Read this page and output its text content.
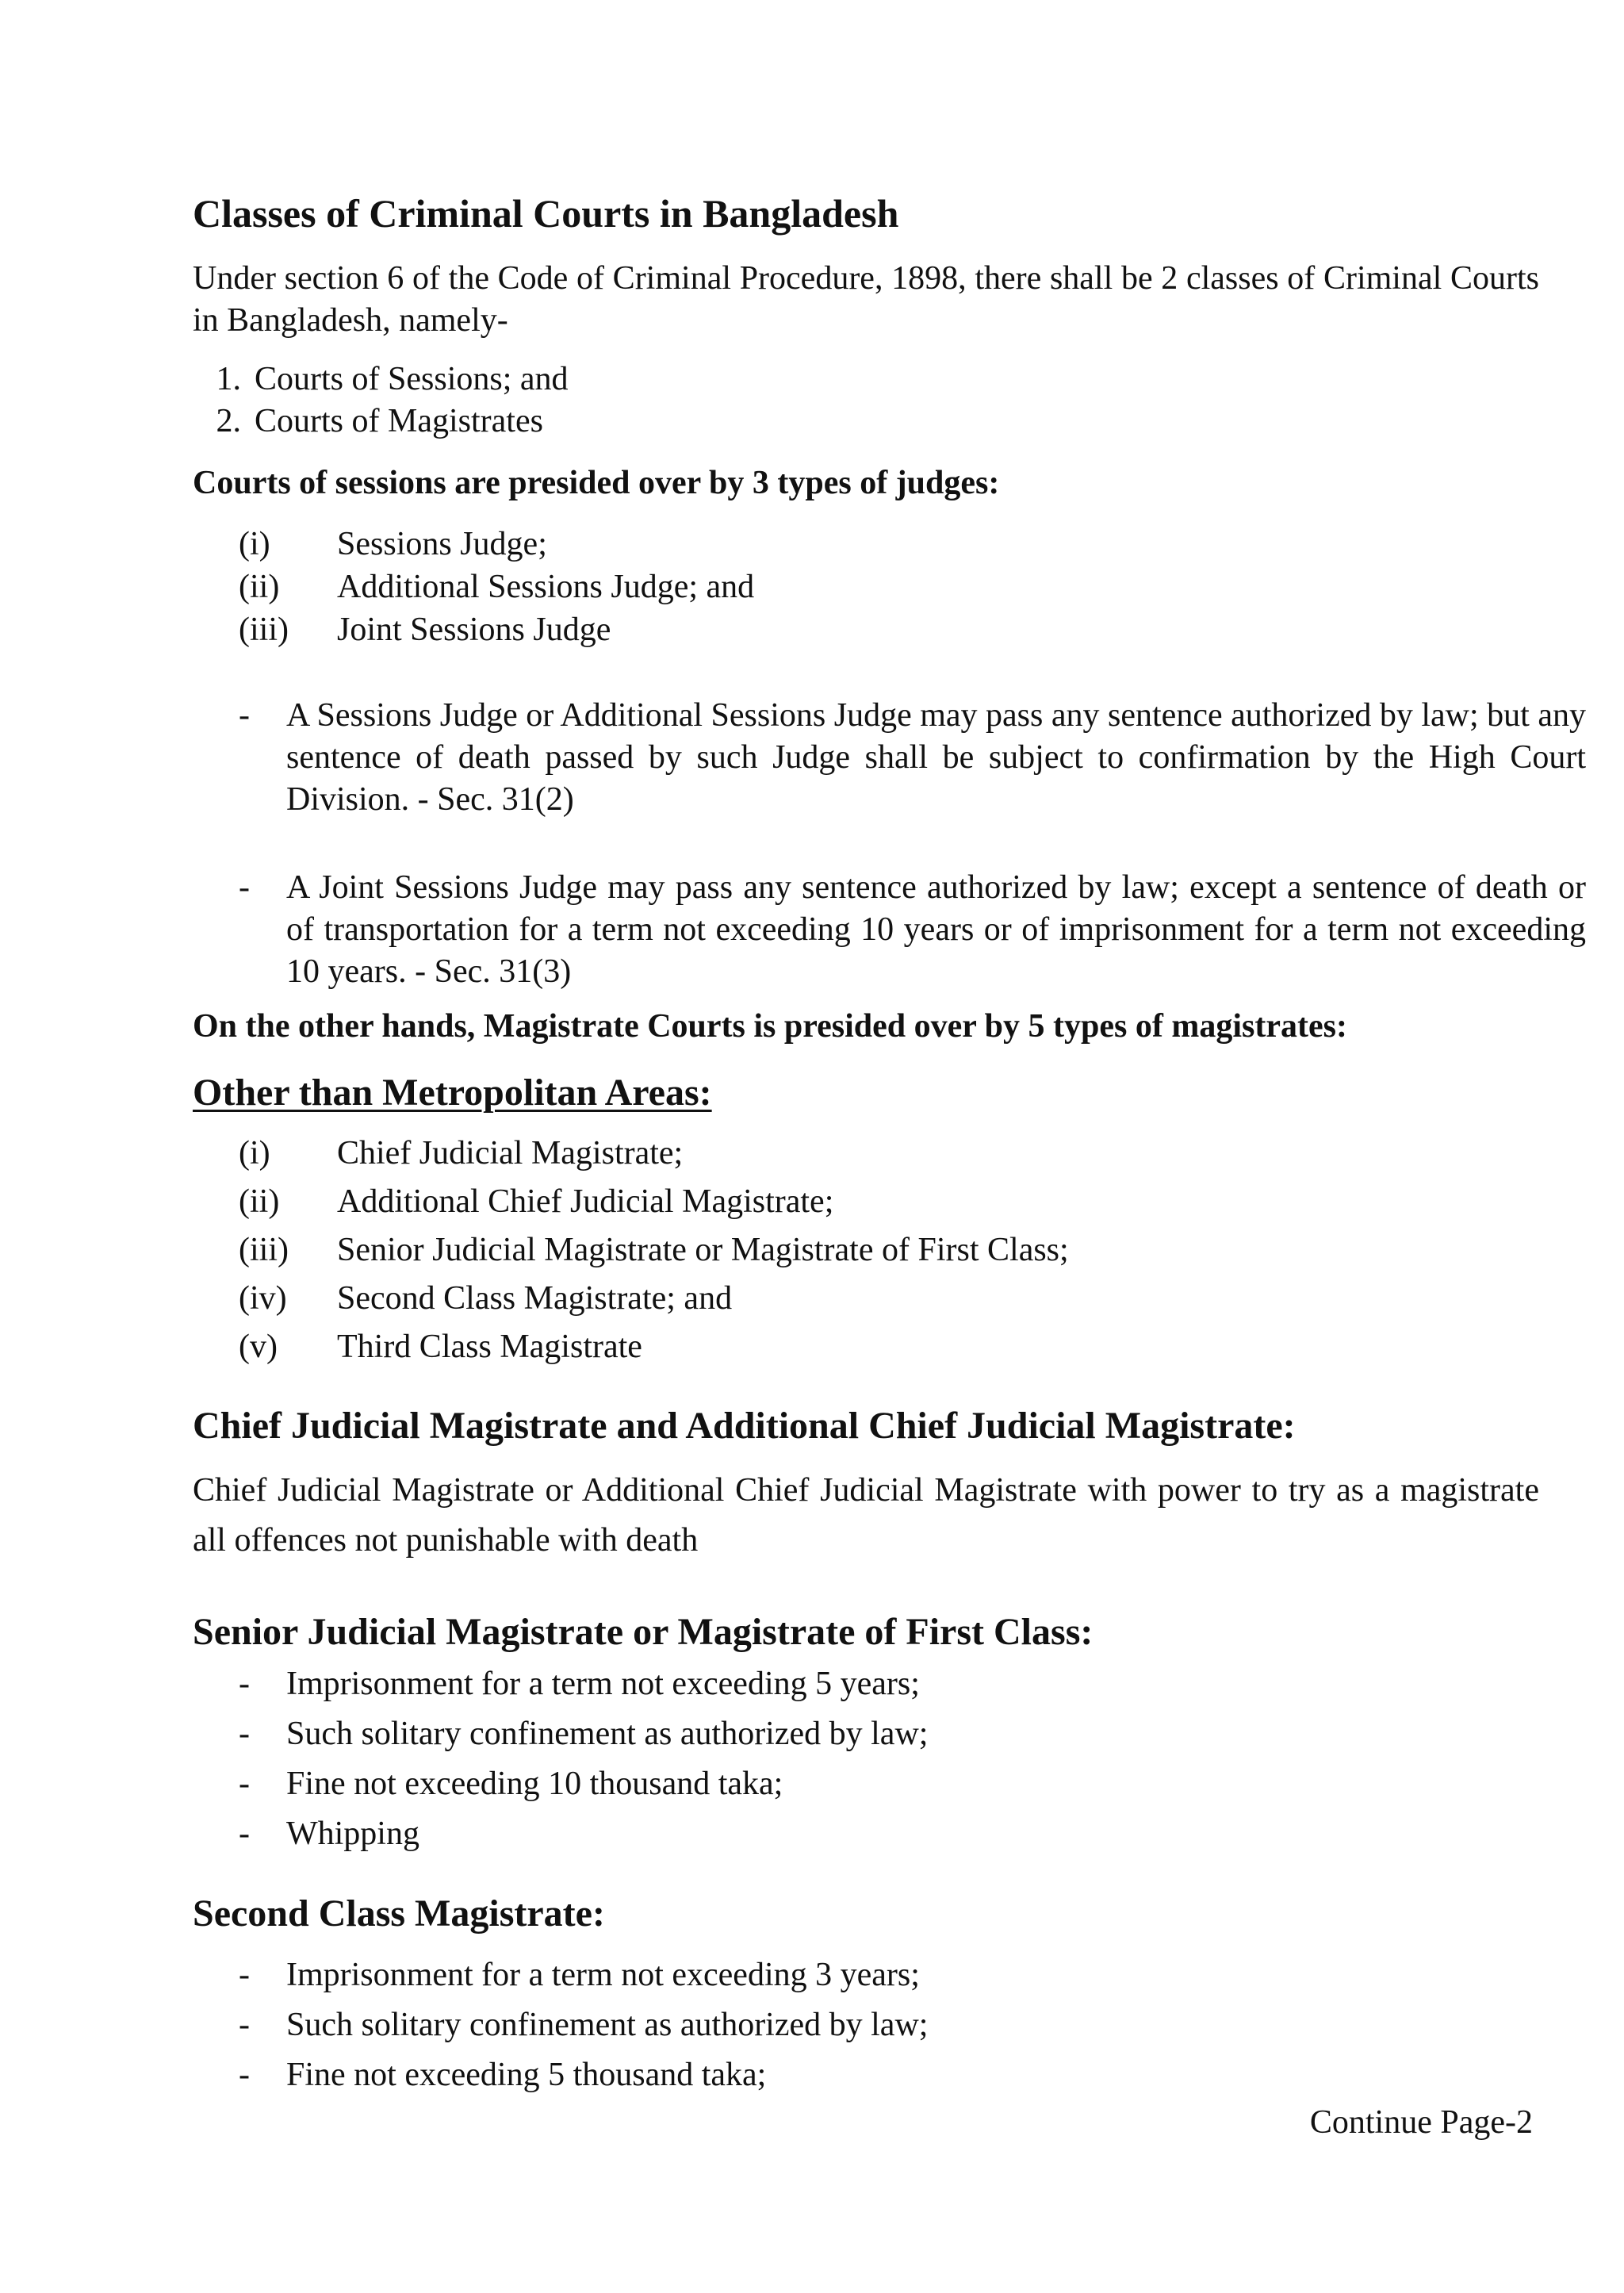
Classes of Criminal Courts in Bangladesh

Under section 6 of the Code of Criminal Procedure, 1898, there shall be 2 classes of Criminal Courts in Bangladesh, namely-

1. Courts of Sessions; and
2. Courts of Magistrates
Courts of sessions are presided over by 3 types of judges:
(i)	Sessions Judge;
(ii)	Additional Sessions Judge; and
(iii)	Joint Sessions Judge
-	A Sessions Judge or Additional Sessions Judge may pass any sentence authorized by law; but any sentence of death passed by such Judge shall be subject to confirmation by the High Court Division. - Sec. 31(2)

-	A Joint Sessions Judge may pass any sentence authorized by law; except a sentence of death or of transportation for a term not exceeding 10 years or of imprisonment for a term not exceeding 10 years. - Sec. 31(3)

On the other hands, Magistrate Courts is presided over by 5 types of magistrates:
Other than Metropolitan Areas:
(i)	Chief Judicial Magistrate;
(ii)	Additional Chief Judicial Magistrate;
(iii)	Senior Judicial Magistrate or Magistrate of First Class;
(iv)	Second Class Magistrate; and
(v)	Third Class Magistrate
Chief Judicial Magistrate and Additional Chief Judicial Magistrate:

Chief Judicial Magistrate or Additional Chief Judicial Magistrate with power to try as a magistrate all offences not punishable with death

Senior Judicial Magistrate or Magistrate of First Class:
-	Imprisonment for a term not exceeding 5 years;
-	Such solitary confinement as authorized by law;
-	Fine not exceeding 10 thousand taka;
-	Whipping
Second Class Magistrate:
-	Imprisonment for a term not exceeding 3 years;
-	Such solitary confinement as authorized by law;
-	Fine not exceeding 5 thousand taka;
Continue Page-2
